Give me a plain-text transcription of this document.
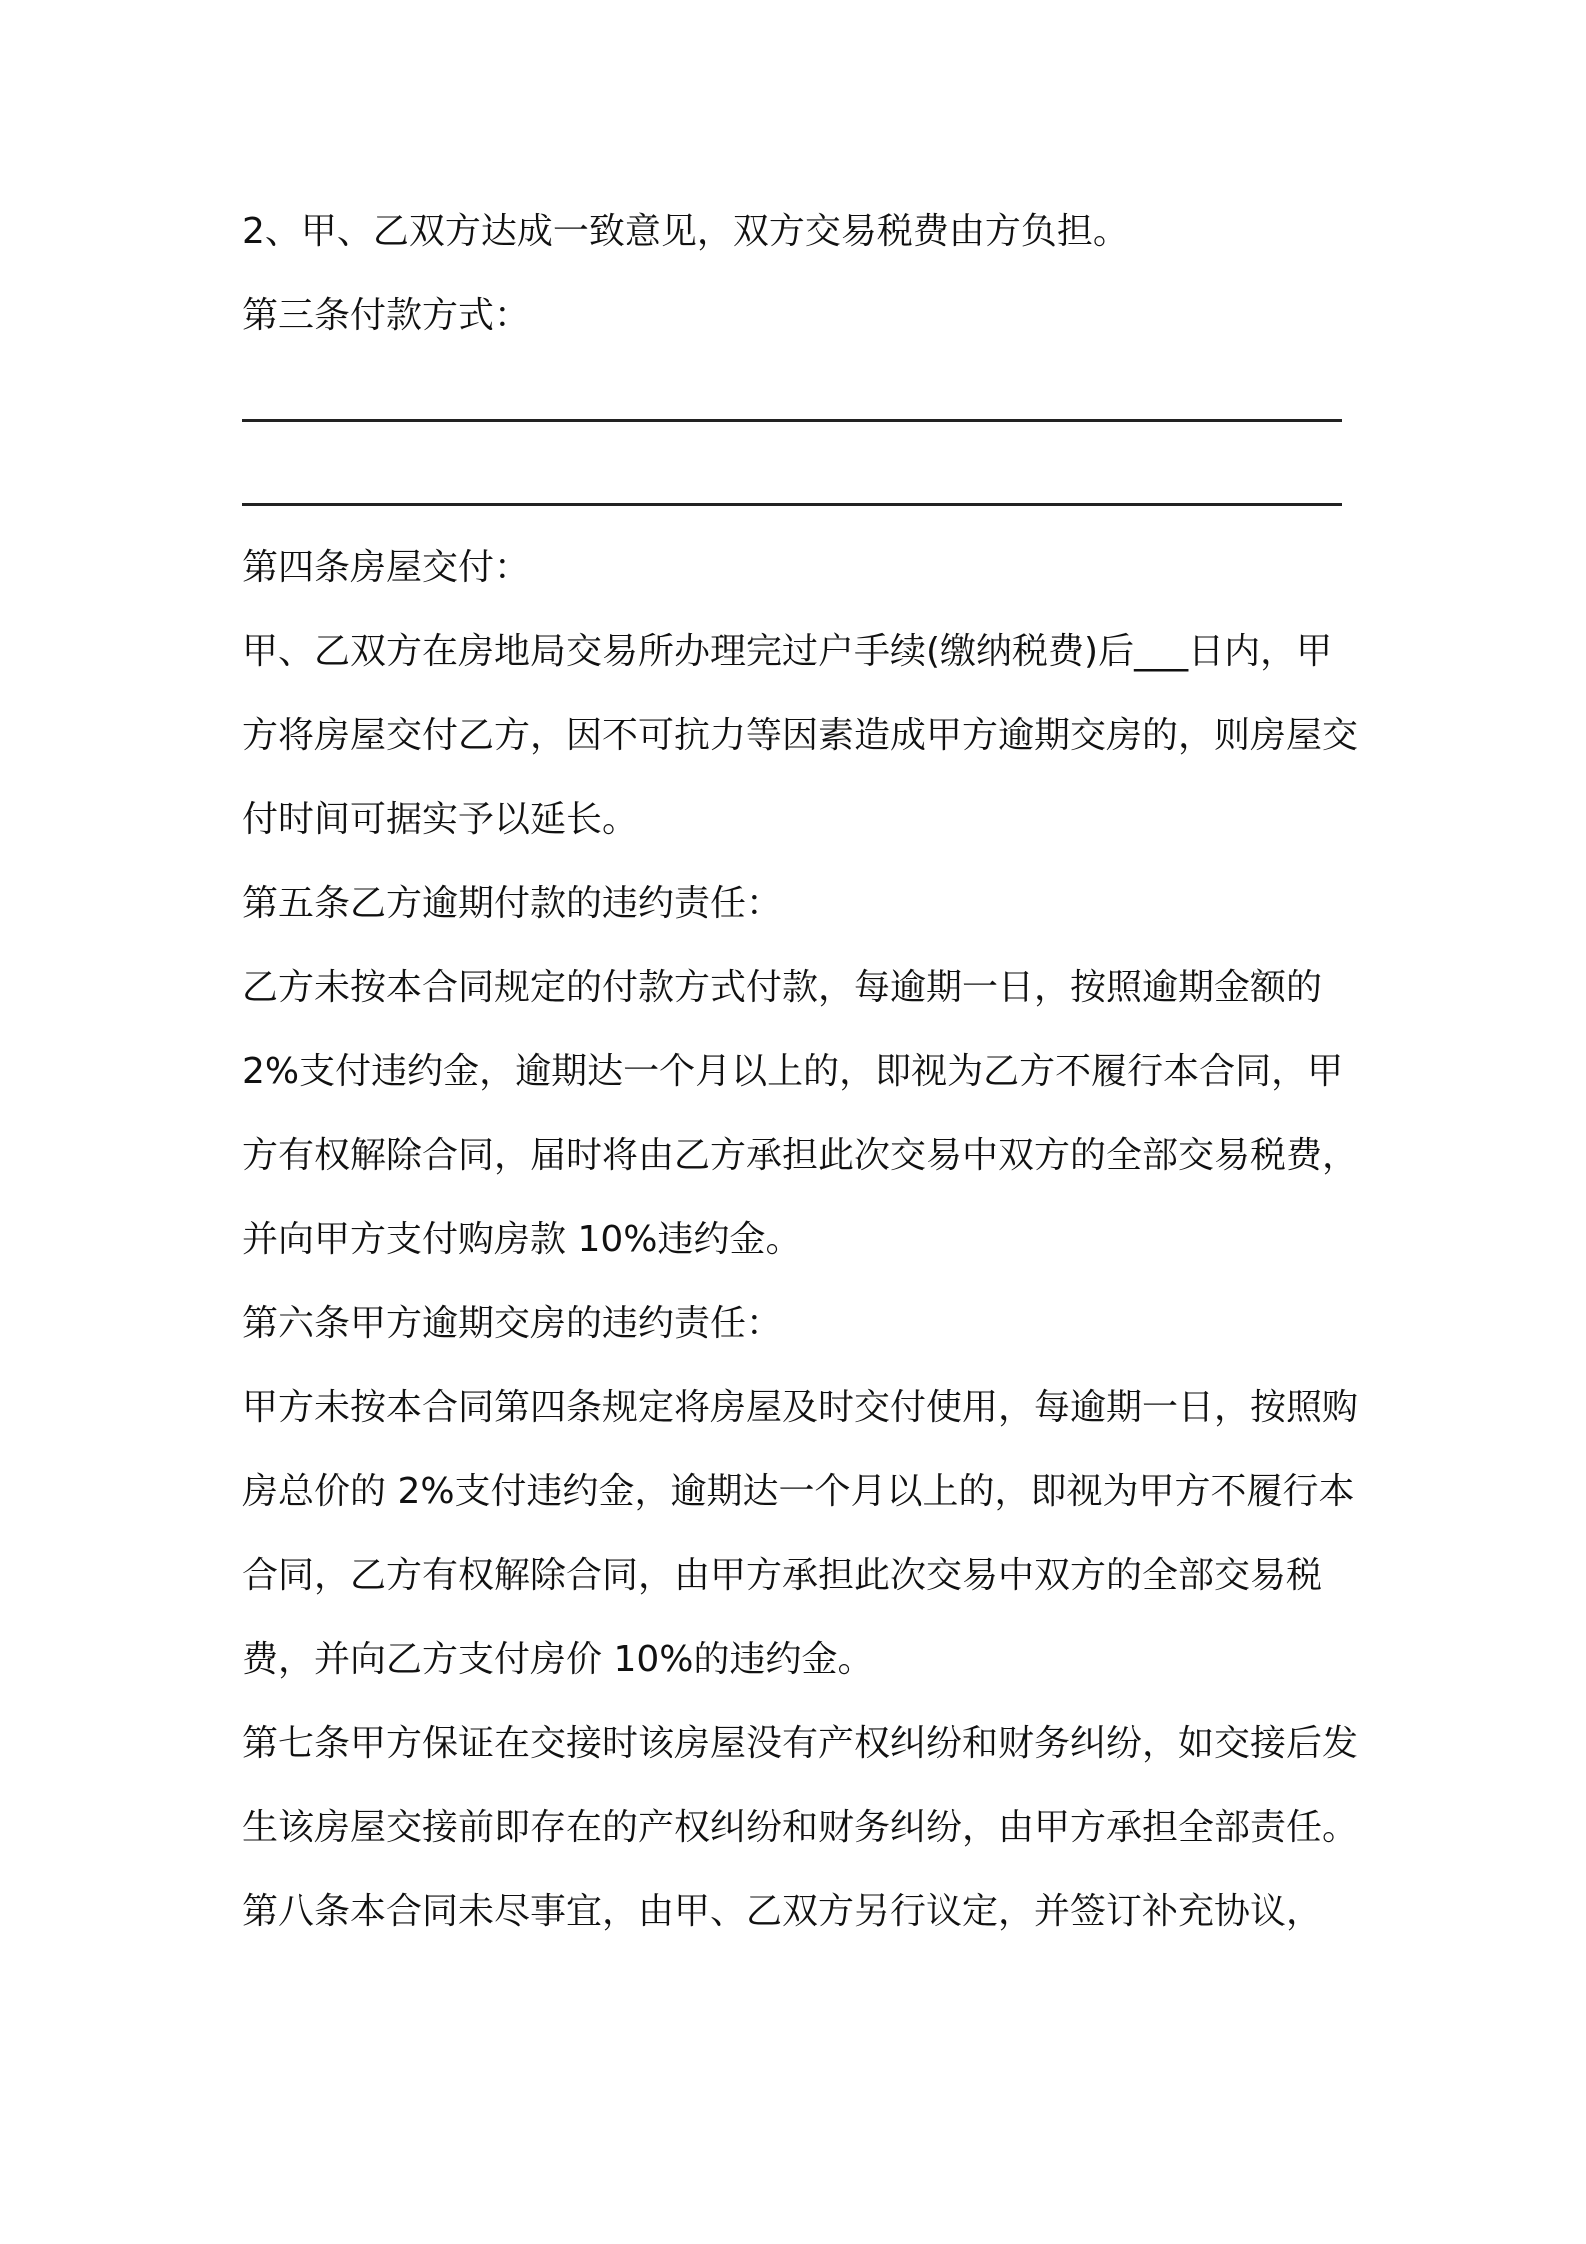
2、甲、乙双方达成一致意见，双方交易税费由方负担。

第三条付款方式：

第四条房屋交付：

甲、乙双方在房地局交易所办理完过户手续(缴纳税费)后___日内，甲方将房屋交付乙方，因不可抗力等因素造成甲方逾期交房的，则房屋交付时间可据实予以延长。

第五条乙方逾期付款的违约责任：

乙方未按本合同规定的付款方式付款，每逾期一日，按照逾期金额的2%支付违约金，逾期达一个月以上的，即视为乙方不履行本合同，甲方有权解除合同，届时将由乙方承担此次交易中双方的全部交易税费，并向甲方支付购房款 10%违约金。

第六条甲方逾期交房的违约责任：

甲方未按本合同第四条规定将房屋及时交付使用，每逾期一日，按照购房总价的 2%支付违约金，逾期达一个月以上的，即视为甲方不履行本合同，乙方有权解除合同，由甲方承担此次交易中双方的全部交易税费，并向乙方支付房价 10%的违约金。

第七条甲方保证在交接时该房屋没有产权纠纷和财务纠纷，如交接后发生该房屋交接前即存在的产权纠纷和财务纠纷，由甲方承担全部责任。

第八条本合同未尽事宜，由甲、乙双方另行议定，并签订补充协议，
